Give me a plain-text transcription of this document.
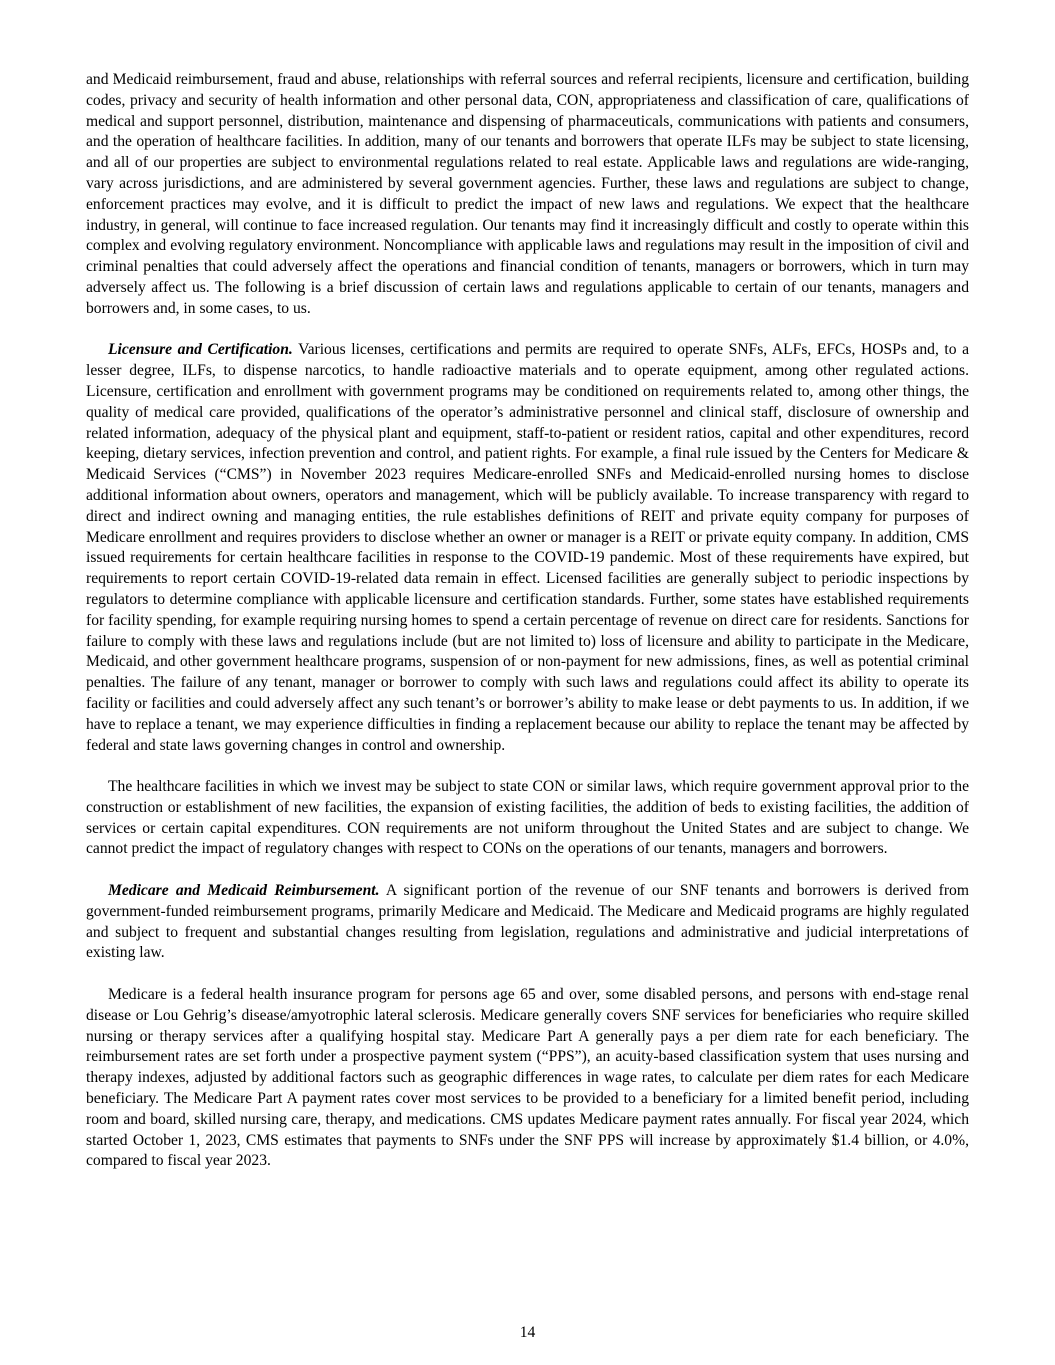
and Medicaid reimbursement, fraud and abuse, relationships with referral sources and referral recipients, licensure and certification, building codes, privacy and security of health information and other personal data, CON, appropriateness and classification of care, qualifications of medical and support personnel, distribution, maintenance and dispensing of pharmaceuticals, communications with patients and consumers, and the operation of healthcare facilities. In addition, many of our tenants and borrowers that operate ILFs may be subject to state licensing, and all of our properties are subject to environmental regulations related to real estate. Applicable laws and regulations are wide-ranging, vary across jurisdictions, and are administered by several government agencies. Further, these laws and regulations are subject to change, enforcement practices may evolve, and it is difficult to predict the impact of new laws and regulations. We expect that the healthcare industry, in general, will continue to face increased regulation. Our tenants may find it increasingly difficult and costly to operate within this complex and evolving regulatory environment. Noncompliance with applicable laws and regulations may result in the imposition of civil and criminal penalties that could adversely affect the operations and financial condition of tenants, managers or borrowers, which in turn may adversely affect us. The following is a brief discussion of certain laws and regulations applicable to certain of our tenants, managers and borrowers and, in some cases, to us.

Licensure and Certification. Various licenses, certifications and permits are required to operate SNFs, ALFs, EFCs, HOSPs and, to a lesser degree, ILFs, to dispense narcotics, to handle radioactive materials and to operate equipment, among other regulated actions. Licensure, certification and enrollment with government programs may be conditioned on requirements related to, among other things, the quality of medical care provided, qualifications of the operator’s administrative personnel and clinical staff, disclosure of ownership and related information, adequacy of the physical plant and equipment, staff-to-patient or resident ratios, capital and other expenditures, record keeping, dietary services, infection prevention and control, and patient rights. For example, a final rule issued by the Centers for Medicare & Medicaid Services (“CMS”) in November 2023 requires Medicare-enrolled SNFs and Medicaid-enrolled nursing homes to disclose additional information about owners, operators and management, which will be publicly available. To increase transparency with regard to direct and indirect owning and managing entities, the rule establishes definitions of REIT and private equity company for purposes of Medicare enrollment and requires providers to disclose whether an owner or manager is a REIT or private equity company. In addition, CMS issued requirements for certain healthcare facilities in response to the COVID-19 pandemic. Most of these requirements have expired, but requirements to report certain COVID-19-related data remain in effect. Licensed facilities are generally subject to periodic inspections by regulators to determine compliance with applicable licensure and certification standards. Further, some states have established requirements for facility spending, for example requiring nursing homes to spend a certain percentage of revenue on direct care for residents. Sanctions for failure to comply with these laws and regulations include (but are not limited to) loss of licensure and ability to participate in the Medicare, Medicaid, and other government healthcare programs, suspension of or non-payment for new admissions, fines, as well as potential criminal penalties. The failure of any tenant, manager or borrower to comply with such laws and regulations could affect its ability to operate its facility or facilities and could adversely affect any such tenant’s or borrower’s ability to make lease or debt payments to us. In addition, if we have to replace a tenant, we may experience difficulties in finding a replacement because our ability to replace the tenant may be affected by federal and state laws governing changes in control and ownership.

The healthcare facilities in which we invest may be subject to state CON or similar laws, which require government approval prior to the construction or establishment of new facilities, the expansion of existing facilities, the addition of beds to existing facilities, the addition of services or certain capital expenditures. CON requirements are not uniform throughout the United States and are subject to change. We cannot predict the impact of regulatory changes with respect to CONs on the operations of our tenants, managers and borrowers.

Medicare and Medicaid Reimbursement. A significant portion of the revenue of our SNF tenants and borrowers is derived from government-funded reimbursement programs, primarily Medicare and Medicaid. The Medicare and Medicaid programs are highly regulated and subject to frequent and substantial changes resulting from legislation, regulations and administrative and judicial interpretations of existing law.

Medicare is a federal health insurance program for persons age 65 and over, some disabled persons, and persons with end-stage renal disease or Lou Gehrig’s disease/amyotrophic lateral sclerosis. Medicare generally covers SNF services for beneficiaries who require skilled nursing or therapy services after a qualifying hospital stay. Medicare Part A generally pays a per diem rate for each beneficiary. The reimbursement rates are set forth under a prospective payment system (“PPS”), an acuity-based classification system that uses nursing and therapy indexes, adjusted by additional factors such as geographic differences in wage rates, to calculate per diem rates for each Medicare beneficiary. The Medicare Part A payment rates cover most services to be provided to a beneficiary for a limited benefit period, including room and board, skilled nursing care, therapy, and medications. CMS updates Medicare payment rates annually. For fiscal year 2024, which started October 1, 2023, CMS estimates that payments to SNFs under the SNF PPS will increase by approximately $1.4 billion, or 4.0%, compared to fiscal year 2023.

14
